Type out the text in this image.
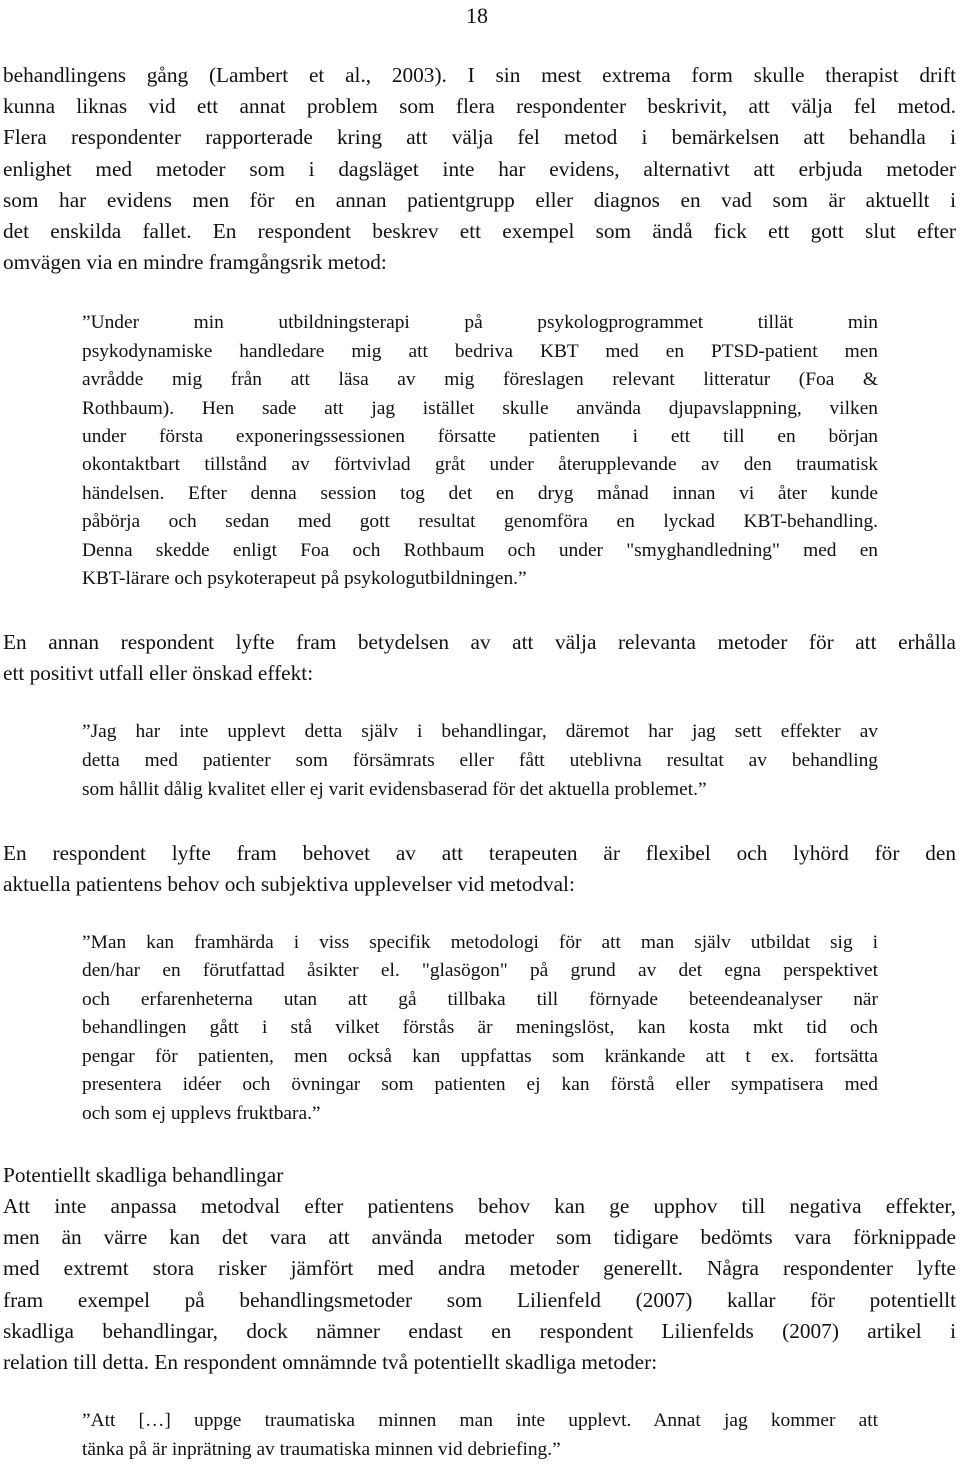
18
behandlingens gång (Lambert et al., 2003). I sin mest extrema form skulle therapist drift
kunna liknas vid ett annat problem som flera respondenter beskrivit, att välja fel metod.
Flera respondenter rapporterade kring att välja fel metod i bemärkelsen att behandla i
enlighet med metoder som i dagsläget inte har evidens, alternativt att erbjuda metoder
som har evidens men för en annan patientgrupp eller diagnos en vad som är aktuellt i
det enskilda fallet. En respondent beskrev ett exempel som ändå fick ett gott slut efter
omvägen via en mindre framgångsrik metod:
”Under min utbildningsterapi på psykologprogrammet tillät min
psykodynamiske handledare mig att bedriva KBT med en PTSD-patient men
avrådde mig från att läsa av mig föreslagen relevant litteratur (Foa &
Rothbaum). Hen sade att jag istället skulle använda djupavslappning, vilken
under första exponeringssessionen försatte patienten i ett till en början
okontaktbart tillstånd av förtvivlad gråt under återupplevande av den traumatisk
händelsen. Efter denna session tog det en dryg månad innan vi åter kunde
påbörja och sedan med gott resultat genomföra en lyckad KBT-behandling.
Denna skedde enligt Foa och Rothbaum och under "smyghandledning" med en
KBT-lärare och psykoterapeut på psykologutbildningen.”
En annan respondent lyfte fram betydelsen av att välja relevanta metoder för att erhålla
ett positivt utfall eller önskad effekt:
”Jag har inte upplevt detta själv i behandlingar, däremot har jag sett effekter av
detta med patienter som försämrats eller fått uteblivna resultat av behandling
som hållit dålig kvalitet eller ej varit evidensbaserad för det aktuella problemet.”
En respondent lyfte fram behovet av att terapeuten är flexibel och lyhörd för den
aktuella patientens behov och subjektiva upplevelser vid metodval:
”Man kan framhärda i viss specifik metodologi för att man själv utbildat sig i
den/har en förutfattad åsikter el. "glasögon" på grund av det egna perspektivet
och erfarenheterna utan att gå tillbaka till förnyade beteendeanalyser när
behandlingen gått i stå vilket förstås är meningslöst, kan kosta mkt tid och
pengar för patienten, men också kan uppfattas som kränkande att t ex. fortsätta
presentera idéer och övningar som patienten ej kan förstå eller sympatisera med
och som ej upplevs fruktbara.”
Potentiellt skadliga behandlingar
Att inte anpassa metodval efter patientens behov kan ge upphov till negativa effekter,
men än värre kan det vara att använda metoder som tidigare bedömts vara förknippade
med extremt stora risker jämfört med andra metoder generellt. Några respondenter lyfte
fram exempel på behandlingsmetoder som Lilienfeld (2007) kallar för potentiellt
skadliga behandlingar, dock nämner endast en respondent Lilienfelds (2007) artikel i
relation till detta. En respondent omnämnde två potentiellt skadliga metoder:
”Att […] uppge traumatiska minnen man inte upplevt. Annat jag kommer att
tänka på är inprätning av traumatiska minnen vid debriefing.”
